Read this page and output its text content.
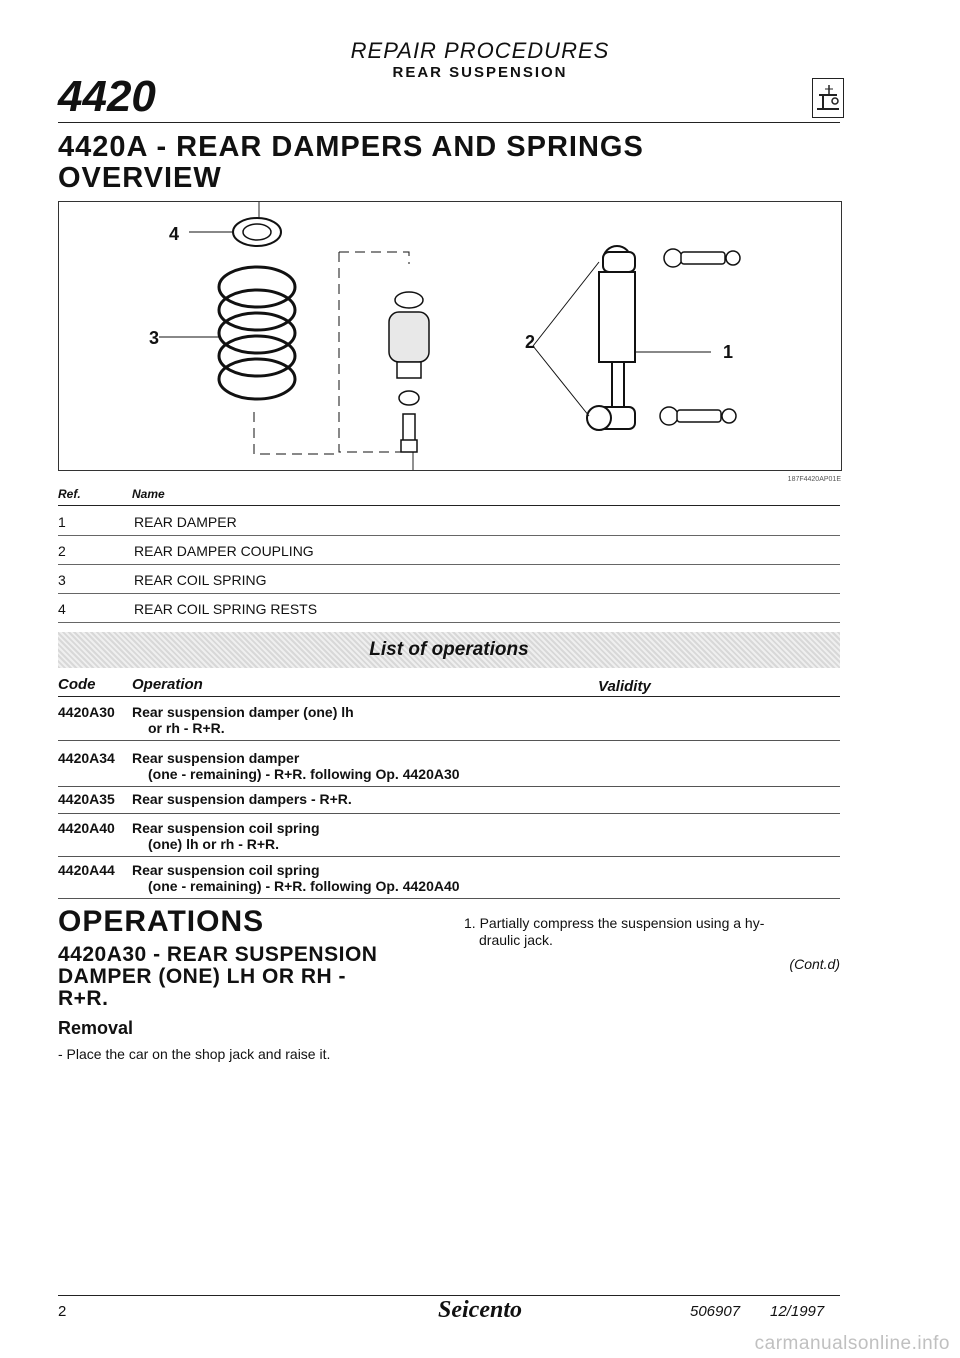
REPAIR PROCEDURES
REAR SUSPENSION
4420
4420A - REAR DAMPERS AND SPRINGS
OVERVIEW
4
3	2	1
187F4420AP01E
Ref.	Name
1	REAR DAMPER
2	REAR DAMPER COUPLING
3	REAR COIL SPRING
4	REAR COIL SPRING RESTS
List of operations
Code Operation	Validity
4420A30 Rear suspension damper (one) lh
or rh - R+R.
4420A34 Rear suspension damper
(one - remaining) - R+R. following Op. 4420A30
4420A35 Rear suspension dampers - R+R.
4420A40 Rear suspension coil spring
(one) lh or rh - R+R.
4420A44 Rear suspension coil spring
(one - remaining) - R+R. following Op. 4420A40
OPERATIONS
4420A30 - REAR SUSPENSION
DAMPER (ONE) LH OR RH -
R+R.
Removal
- Place the car on the shop jack and raise it.
1. Partially compress the suspension using a hy-
draulic jack.
(Cont.d)
2	Seicento	506907 12/1997
carmanualsonline.info
